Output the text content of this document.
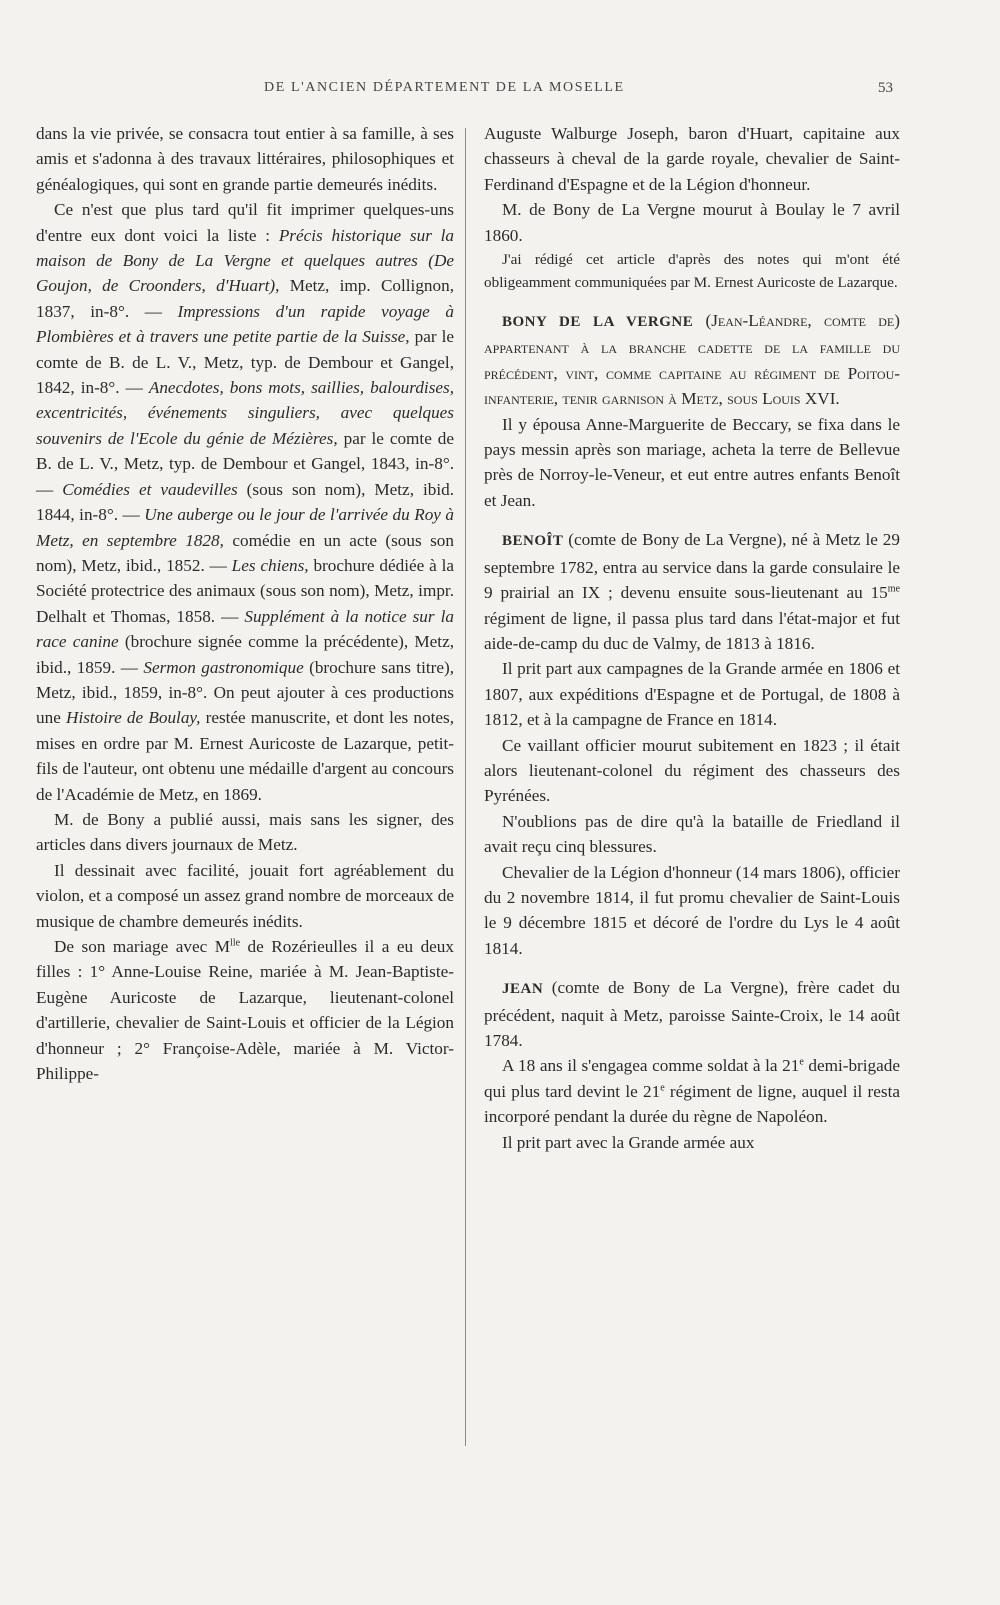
DE L'ANCIEN DÉPARTEMENT DE LA MOSELLE	53

dans la vie privée, se consacra tout entier à sa famille, à ses amis et s'adonna à des travaux littéraires, philosophiques et généalogiques, qui sont en grande partie demeurés inédits.

Ce n'est que plus tard qu'il fit imprimer quelques-uns d'entre eux dont voici la liste : Précis historique sur la maison de Bony de La Vergne et quelques autres (De Goujon, de Croonders, d'Huart), Metz, imp. Collignon, 1837, in-8°. — Impressions d'un rapide voyage à Plombières et à travers une petite partie de la Suisse, par le comte de B. de L. V., Metz, typ. de Dembour et Gangel, 1842, in-8°. — Anecdotes, bons mots, saillies, balourdises, excentricités, événements singuliers, avec quelques souvenirs de l'Ecole du génie de Mézières, par le comte de B. de L. V., Metz, typ. de Dembour et Gangel, 1843, in-8°. — Comédies et vaudevilles (sous son nom), Metz, ibid. 1844, in-8°. — Une auberge ou le jour de l'arrivée du Roy à Metz, en septembre 1828, comédie en un acte (sous son nom), Metz, ibid., 1852. — Les chiens, brochure dédiée à la Société protectrice des animaux (sous son nom), Metz, impr. Delhalt et Thomas, 1858. — Supplément à la notice sur la race canine (brochure signée comme la précédente), Metz, ibid., 1859. — Sermon gastronomique (brochure sans titre), Metz, ibid., 1859, in-8°. On peut ajouter à ces productions une Histoire de Boulay, restée manuscrite, et dont les notes, mises en ordre par M. Ernest Auricoste de Lazarque, petit-fils de l'auteur, ont obtenu une médaille d'argent au concours de l'Académie de Metz, en 1869.

M. de Bony a publié aussi, mais sans les signer, des articles dans divers journaux de Metz.

Il dessinait avec facilité, jouait fort agréablement du violon, et a composé un assez grand nombre de morceaux de musique de chambre demeurés inédits.

De son mariage avec $M^{lle}$ de Rozérieulles il a eu deux filles : 1° Anne-Louise Reine, mariée à M. Jean-Baptiste-Eugène Auricoste de Lazarque, lieutenant-colonel d'artillerie, chevalier de Saint-Louis et officier de la Légion d'honneur ; 2° Françoise-Adèle, mariée à M. Victor-Philippe-

Auguste Walburge Joseph, baron d'Huart, capitaine aux chasseurs à cheval de la garde royale, chevalier de Saint-Ferdinand d'Espagne et de la Légion d'honneur.

M. de Bony de La Vergne mourut à Boulay le 7 avril 1860.

J'ai rédigé cet article d'après des notes qui m'ont été obligeamment communiquées par M. Ernest Auricoste de Lazarque.

BONY DE LA VERGNE (Jean-Léandre, comte de) appartenant à la branche cadette de la famille du précédent, vint, comme capitaine au régiment de Poitou-infanterie, tenir garnison à Metz, sous Louis XVI.

Il y épousa Anne-Marguerite de Beccary, se fixa dans le pays messin après son mariage, acheta la terre de Bellevue près de Norroy-le-Veneur, et eut entre autres enfants Benoît et Jean.

BENOÎT (comte de Bony de La Vergne), né à Metz le 29 septembre 1782, entra au service dans la garde consulaire le 9 prairial an IX ; devenu ensuite sous-lieutenant au $15^{me}$ régiment de ligne, il passa plus tard dans l'état-major et fut aide-de-camp du duc de Valmy, de 1813 à 1816.

Il prit part aux campagnes de la Grande armée en 1806 et 1807, aux expéditions d'Espagne et de Portugal, de 1808 à 1812, et à la campagne de France en 1814.

Ce vaillant officier mourut subitement en 1823 ; il était alors lieutenant-colonel du régiment des chasseurs des Pyrénées.

N'oublions pas de dire qu'à la bataille de Friedland il avait reçu cinq blessures.

Chevalier de la Légion d'honneur (14 mars 1806), officier du 2 novembre 1814, il fut promu chevalier de Saint-Louis le 9 décembre 1815 et décoré de l'ordre du Lys le 4 août 1814.

JEAN (comte de Bony de La Vergne), frère cadet du précédent, naquit à Metz, paroisse Sainte-Croix, le 14 août 1784.

A 18 ans il s'engagea comme soldat à la 21e demi-brigade qui plus tard devint le 21e régiment de ligne, auquel il resta incorporé pendant la durée du règne de Napoléon.

Il prit part avec la Grande armée aux
